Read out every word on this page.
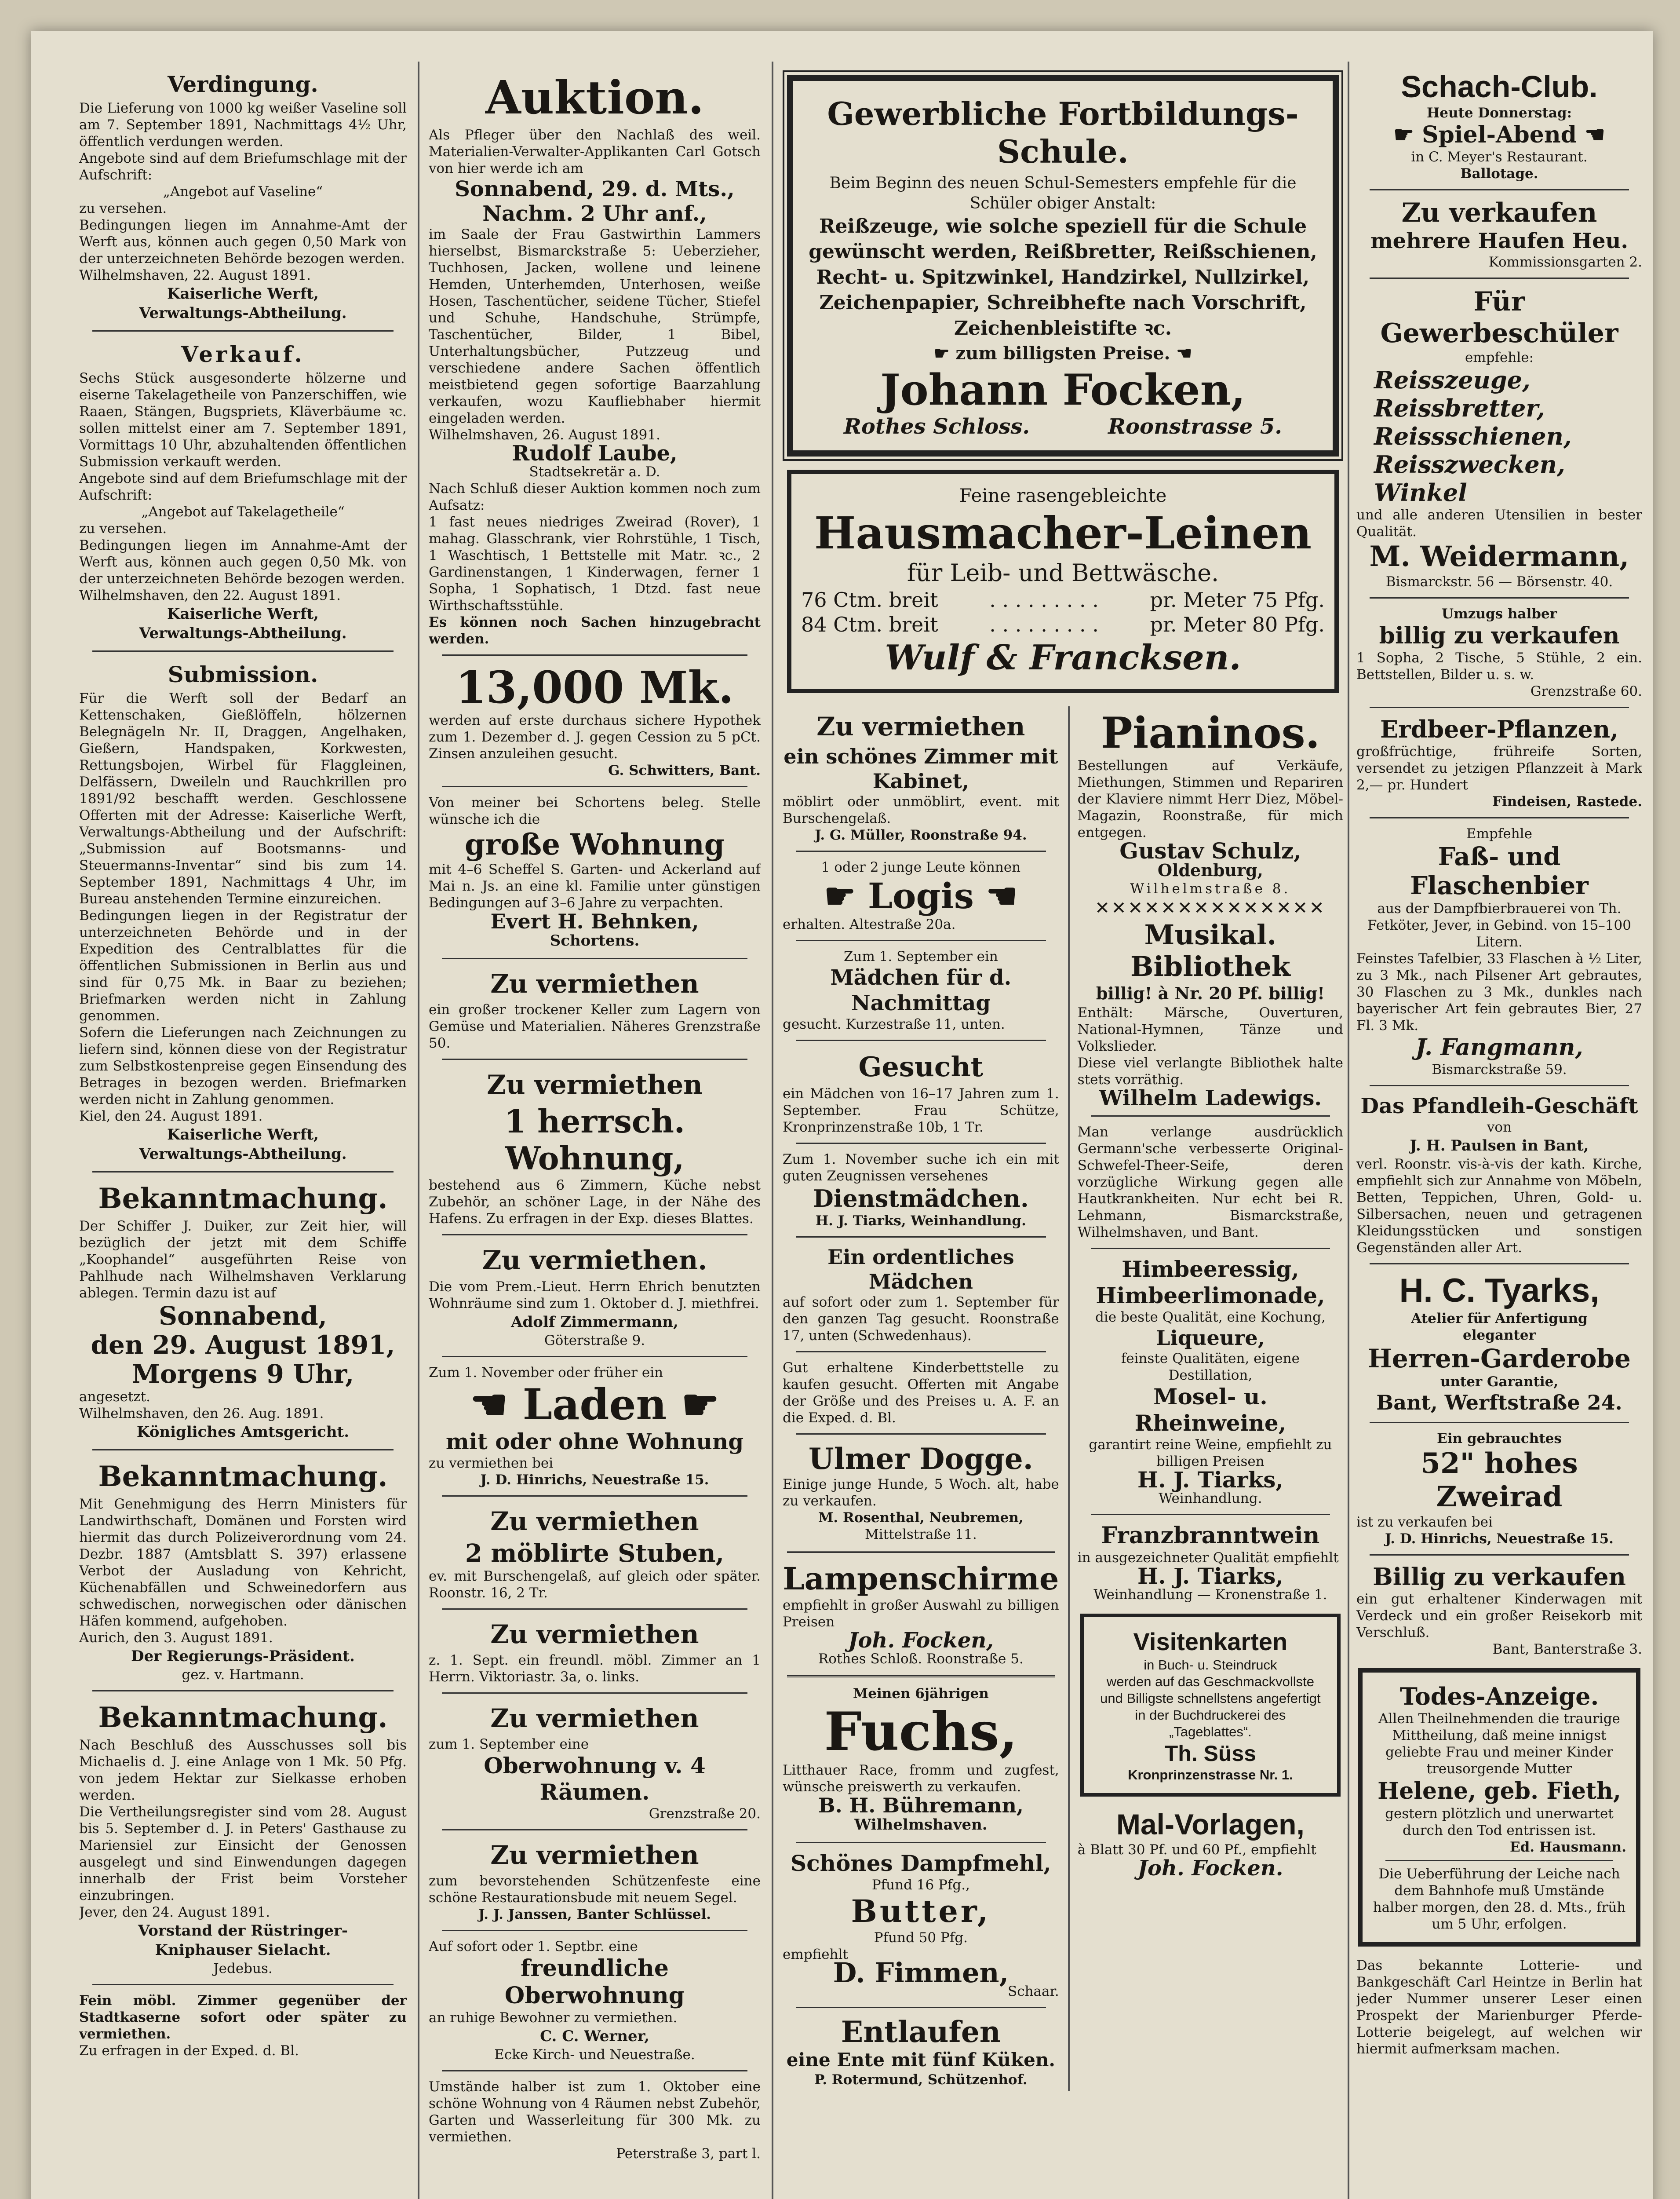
Verdingung.

Die Lieferung von 1000 kg weißer Vaseline soll am 7. September 1891, Nachmittags 4½ Uhr, öffentlich verdungen werden.

Angebote sind auf dem Briefumschlage mit der Aufschrift:

„Angebot auf Vaseline“

zu versehen.

Bedingungen liegen im Annahme-Amt der Werft aus, können auch gegen 0,50 Mark von der unterzeichneten Behörde bezogen werden.

Wilhelmshaven, 22. August 1891.

Kaiserliche Werft,
Verwaltungs-Abtheilung.
Verkauf.

Sechs Stück ausgesonderte hölzerne und eiserne Takelagetheile von Panzerschiffen, wie Raaen, Stängen, Bugspriets, Kläverbäume ꝛc. sollen mittelst einer am 7. September 1891, Vormittags 10 Uhr, abzuhaltenden öffentlichen Submission verkauft werden.

Angebote sind auf dem Briefumschlage mit der Aufschrift:

„Angebot auf Takelagetheile“

zu versehen.

Bedingungen liegen im Annahme-Amt der Werft aus, können auch gegen 0,50 Mk. von der unterzeichneten Behörde bezogen werden.

Wilhelmshaven, den 22. August 1891.

Kaiserliche Werft,
Verwaltungs-Abtheilung.
Submission.

Für die Werft soll der Bedarf an Kettenschaken, Gießlöffeln, hölzernen Belegnägeln Nr. II, Draggen, Angelhaken, Gießern, Handspaken, Korkwesten, Rettungsbojen, Wirbel für Flaggleinen, Delfässern, Dweileln und Rauchkrillen pro 1891/92 beschafft werden. Geschlossene Offerten mit der Adresse: Kaiserliche Werft, Verwaltungs-Abtheilung und der Aufschrift: „Submission auf Bootsmanns- und Steuermanns-Inventar“ sind bis zum 14. September 1891, Nachmittags 4 Uhr, im Bureau anstehenden Termine einzureichen.

Bedingungen liegen in der Registratur der unterzeichneten Behörde und in der Expedition des Centralblattes für die öffentlichen Submissionen in Berlin aus und sind für 0,75 Mk. in Baar zu beziehen; Briefmarken werden nicht in Zahlung genommen.

Sofern die Lieferungen nach Zeichnungen zu liefern sind, können diese von der Registratur zum Selbstkostenpreise gegen Einsendung des Betrages in bezogen werden. Briefmarken werden nicht in Zahlung genommen.

Kiel, den 24. August 1891.

Kaiserliche Werft,
Verwaltungs-Abtheilung.
Bekanntmachung.

Der Schiffer J. Duiker, zur Zeit hier, will bezüglich der jetzt mit dem Schiffe „Koophandel“ ausgeführten Reise von Pahlhude nach Wilhelmshaven Verklarung ablegen. Termin dazu ist auf

Sonnabend,
den 29. August 1891,
Morgens 9 Uhr,

angesetzt.

Wilhelmshaven, den 26. Aug. 1891.

Königliches Amtsgericht.
Bekanntmachung.

Mit Genehmigung des Herrn Ministers für Landwirthschaft, Domänen und Forsten wird hiermit das durch Polizeiverordnung vom 24. Dezbr. 1887 (Amtsblatt S. 397) erlassene Verbot der Ausladung von Kehricht, Küchenabfällen und Schweinedorfern aus schwedischen, norwegischen oder dänischen Häfen kommend, aufgehoben.

Aurich, den 3. August 1891.

Der Regierungs-Präsident.
gez. v. Hartmann.
Bekanntmachung.

Nach Beschluß des Ausschusses soll bis Michaelis d. J. eine Anlage von 1 Mk. 50 Pfg. von jedem Hektar zur Sielkasse erhoben werden.

Die Vertheilungsregister sind vom 28. August bis 5. September d. J. in Peters' Gasthause zu Mariensiel zur Einsicht der Genossen ausgelegt und sind Einwendungen dagegen innerhalb der Frist beim Vorsteher einzubringen.

Jever, den 24. August 1891.

Vorstand der Rüstringer-
Kniphauser Sielacht.
Jedebus.

Fein möbl. Zimmer gegenüber der Stadtkaserne sofort oder später zu vermiethen.

Zu erfragen in der Exped. d. Bl.

Auktion.

Als Pfleger über den Nachlaß des weil. Materialien-Verwalter-Applikanten Carl Gotsch von hier werde ich am

Sonnabend, 29. d. Mts.,
Nachm. 2 Uhr anf.,

im Saale der Frau Gastwirthin Lammers hierselbst, Bismarckstraße 5: Ueberzieher, Tuchhosen, Jacken, wollene und leinene Hemden, Unterhemden, Unterhosen, weiße Hosen, Taschentücher, seidene Tücher, Stiefel und Schuhe, Handschuhe, Strümpfe, Taschentücher, Bilder, 1 Bibel, Unterhaltungsbücher, Putzzeug und verschiedene andere Sachen öffentlich meistbietend gegen sofortige Baarzahlung verkaufen, wozu Kaufliebhaber hiermit eingeladen werden.

Wilhelmshaven, 26. August 1891.

Rudolf Laube,

Stadtsekretär a. D.

Nach Schluß dieser Auktion kommen noch zum Aufsatz:

1 fast neues niedriges Zweirad (Rover), 1 mahag. Glasschrank, vier Rohrstühle, 1 Tisch, 1 Waschtisch, 1 Bettstelle mit Matr. ꝛc., 2 Gardinenstangen, 1 Kinderwagen, ferner 1 Sopha, 1 Sophatisch, 1 Dtzd. fast neue Wirthschaftsstühle.

Es können noch Sachen hinzugebracht werden.

13,000 Mk.

werden auf erste durchaus sichere Hypothek zum 1. Dezember d. J. gegen Cession zu 5 pCt. Zinsen anzuleihen gesucht.

G. Schwitters, Bant.

Von meiner bei Schortens beleg. Stelle wünsche ich die

große Wohnung

mit 4–6 Scheffel S. Garten- und Ackerland auf Mai n. Js. an eine kl. Familie unter günstigen Bedingungen auf 3–6 Jahre zu verpachten.

Evert H. Behnken,
Schortens.
Zu vermiethen

ein großer trockener Keller zum Lagern von Gemüse und Materialien. Näheres Grenzstraße 50.

Zu vermiethen
1 herrsch. Wohnung,

bestehend aus 6 Zimmern, Küche nebst Zubehör, an schöner Lage, in der Nähe des Hafens. Zu erfragen in der Exp. dieses Blattes.

Zu vermiethen.

Die vom Prem.-Lieut. Herrn Ehrich benutzten Wohnräume sind zum 1. Oktober d. J. miethfrei.

Adolf Zimmermann,

Göterstraße 9.

Zum 1. November oder früher ein

☚ Laden ☛
mit oder ohne Wohnung

zu vermiethen bei

J. D. Hinrichs, Neuestraße 15.

Zu vermiethen
2 möblirte Stuben,

ev. mit Burschengelaß, auf gleich oder später. Roonstr. 16, 2 Tr.

Zu vermiethen

z. 1. Sept. ein freundl. möbl. Zimmer an 1 Herrn. Viktoriastr. 3a, o. links.

Zu vermiethen

zum 1. September eine

Oberwohnung v. 4 Räumen.

Grenzstraße 20.

Zu vermiethen

zum bevorstehenden Schützenfeste eine schöne Restaurationsbude mit neuem Segel.

J. J. Janssen, Banter Schlüssel.

Auf sofort oder 1. Septbr. eine

freundliche Oberwohnung

an ruhige Bewohner zu vermiethen.

C. C. Werner,

Ecke Kirch- und Neuestraße.

Umstände halber ist zum 1. Oktober eine schöne Wohnung von 4 Räumen nebst Zubehör, Garten und Wasserleitung für 300 Mk. zu vermiethen.

Peterstraße 3, part l.

Gewerbliche Fortbildungs-Schule.

Beim Beginn des neuen Schul-Semesters empfehle für die Schüler obiger Anstalt:

Reißzeuge, wie solche speziell für die Schule gewünscht werden, Reißbretter, Reißschienen, Recht- u. Spitzwinkel, Handzirkel, Nullzirkel, Zeichenpapier, Schreibhefte nach Vorschrift, Zeichenbleistifte ꝛc.

☛ zum billigsten Preise. ☚
Johann Focken,
Rothes Schloss.	Roonstrasse 5.

Feine rasengebleichte

Hausmacher-Leinen

für Leib- und Bettwäsche.

76 Ctm. breit	. . . . . . . . .	pr. Meter 75 Pfg.
84 Ctm. breit	. . . . . . . . .	pr. Meter 80 Pfg.
Wulf & Francksen.
Zu vermiethen
ein schönes Zimmer mit Kabinet,

möblirt oder unmöblirt, event. mit Burschengelaß.

J. G. Müller, Roonstraße 94.

1 oder 2 junge Leute können

☛ Logis ☚

erhalten. Altestraße 20a.

Zum 1. September ein

Mädchen für d. Nachmittag

gesucht. Kurzestraße 11, unten.

Gesucht

ein Mädchen von 16–17 Jahren zum 1. September. Frau Schütze, Kronprinzenstraße 10b, 1 Tr.

Zum 1. November suche ich ein mit guten Zeugnissen versehenes

Dienstmädchen.

H. J. Tiarks, Weinhandlung.

Ein ordentliches Mädchen

auf sofort oder zum 1. September für den ganzen Tag gesucht. Roonstraße 17, unten (Schwedenhaus).

Gut erhaltene Kinderbettstelle zu kaufen gesucht. Offerten mit Angabe der Größe und des Preises u. A. F. an die Exped. d. Bl.

Ulmer Dogge.

Einige junge Hunde, 5 Woch. alt, habe zu verkaufen.

M. Rosenthal, Neubremen,

Mittelstraße 11.

Lampenschirme

empfiehlt in großer Auswahl zu billigen Preisen

Joh. Focken,

Rothes Schloß. Roonstraße 5.

Meinen 6jährigen

Fuchs,

Litthauer Race, fromm und zugfest, wünsche preiswerth zu verkaufen.

B. H. Bühremann,
Wilhelmshaven.
Schönes Dampfmehl,

Pfund 16 Pfg.,

Butter,

Pfund 50 Pfg.

empfiehlt

D. Fimmen,

Schaar.

Entlaufen
eine Ente mit fünf Küken.

P. Rotermund, Schützenhof.

Pianinos.

Bestellungen auf Verkäufe, Miethungen, Stimmen und Repariren der Klaviere nimmt Herr Diez, Möbel-Magazin, Roonstraße, für mich entgegen.

Gustav Schulz,
Oldenburg,

Wilhelmstraße 8.

✕✕✕✕✕✕✕✕✕✕✕✕✕✕
Musikal. Bibliothek
billig! à Nr. 20 Pf. billig!

Enthält: Märsche, Ouverturen, National-Hymnen, Tänze und Volkslieder.

Diese viel verlangte Bibliothek halte stets vorräthig.

Wilhelm Ladewigs.

Man verlange ausdrücklich Germann'sche verbesserte Original-Schwefel-Theer-Seife, deren vorzügliche Wirkung gegen alle Hautkrankheiten. Nur echt bei R. Lehmann, Bismarckstraße, Wilhelmshaven, und Bant.

Himbeeressig,
Himbeerlimonade,

die beste Qualität, eine Kochung,

Liqueure,

feinste Qualitäten, eigene Destillation,

Mosel- u. Rheinweine,

garantirt reine Weine, empfiehlt zu billigen Preisen

H. J. Tiarks,

Weinhandlung.

Franzbranntwein

in ausgezeichneter Qualität empfiehlt

H. J. Tiarks,

Weinhandlung — Kronenstraße 1.

Visitenkarten

in Buch- u. Steindruck

werden auf das Geschmackvollste und Billigste schnellstens angefertigt in der Buchdruckerei des „Tageblattes“.

Th. Süss

Kronprinzenstrasse Nr. 1.

Mal-Vorlagen,

à Blatt 30 Pf. und 60 Pf., empfiehlt

Joh. Focken.
Schach-Club.

Heute Donnerstag:

☛ Spiel-Abend ☚

in C. Meyer's Restaurant.

Ballotage.

Zu verkaufen
mehrere Haufen Heu.

Kommissionsgarten 2.

Für Gewerbeschüler

empfehle:

Reisszeuge,
Reissbretter,
Reissschienen,
Reisszwecken,
Winkel

und alle anderen Utensilien in bester Qualität.

M. Weidermann,

Bismarckstr. 56 — Börsenstr. 40.

Umzugs halber

billig zu verkaufen

1 Sopha, 2 Tische, 5 Stühle, 2 ein. Bettstellen, Bilder u. s. w.

Grenzstraße 60.

Erdbeer-Pflanzen,

großfrüchtige, frühreife Sorten, versendet zu jetzigen Pflanzzeit à Mark 2,— pr. Hundert

Findeisen, Rastede.

Empfehle

Faß- und Flaschenbier

aus der Dampfbierbrauerei von Th. Fetköter, Jever, in Gebind. von 15–100 Litern.

Feinstes Tafelbier, 33 Flaschen à ½ Liter, zu 3 Mk., nach Pilsener Art gebrautes, 30 Flaschen zu 3 Mk., dunkles nach bayerischer Art fein gebrautes Bier, 27 Fl. 3 Mk.

J. Fangmann,

Bismarckstraße 59.

Das Pfandleih-Geschäft

von

J. H. Paulsen in Bant,

verl. Roonstr. vis-à-vis der kath. Kirche, empfiehlt sich zur Annahme von Möbeln, Betten, Teppichen, Uhren, Gold- u. Silbersachen, neuen und getragenen Kleidungsstücken und sonstigen Gegenständen aller Art.

H. C. Tyarks,

Atelier für Anfertigung

eleganter

Herren-Garderobe

unter Garantie,

Bant, Werftstraße 24.

Ein gebrauchtes

52" hohes Zweirad

ist zu verkaufen bei

J. D. Hinrichs, Neuestraße 15.

Billig zu verkaufen

ein gut erhaltener Kinderwagen mit Verdeck und ein großer Reisekorb mit Verschluß.

Bant, Banterstraße 3.

Todes-Anzeige.

Allen Theilnehmenden die traurige Mittheilung, daß meine innigst geliebte Frau und meiner Kinder treusorgende Mutter

Helene, geb. Fieth,

gestern plötzlich und unerwartet durch den Tod entrissen ist.

Ed. Hausmann.

Die Ueberführung der Leiche nach dem Bahnhofe muß Umstände halber morgen, den 28. d. Mts., früh um 5 Uhr, erfolgen.

Das bekannte Lotterie- und Bankgeschäft Carl Heintze in Berlin hat jeder Nummer unserer Leser einen Prospekt der Marienburger Pferde-Lotterie beigelegt, auf welchen wir hiermit aufmerksam machen.
